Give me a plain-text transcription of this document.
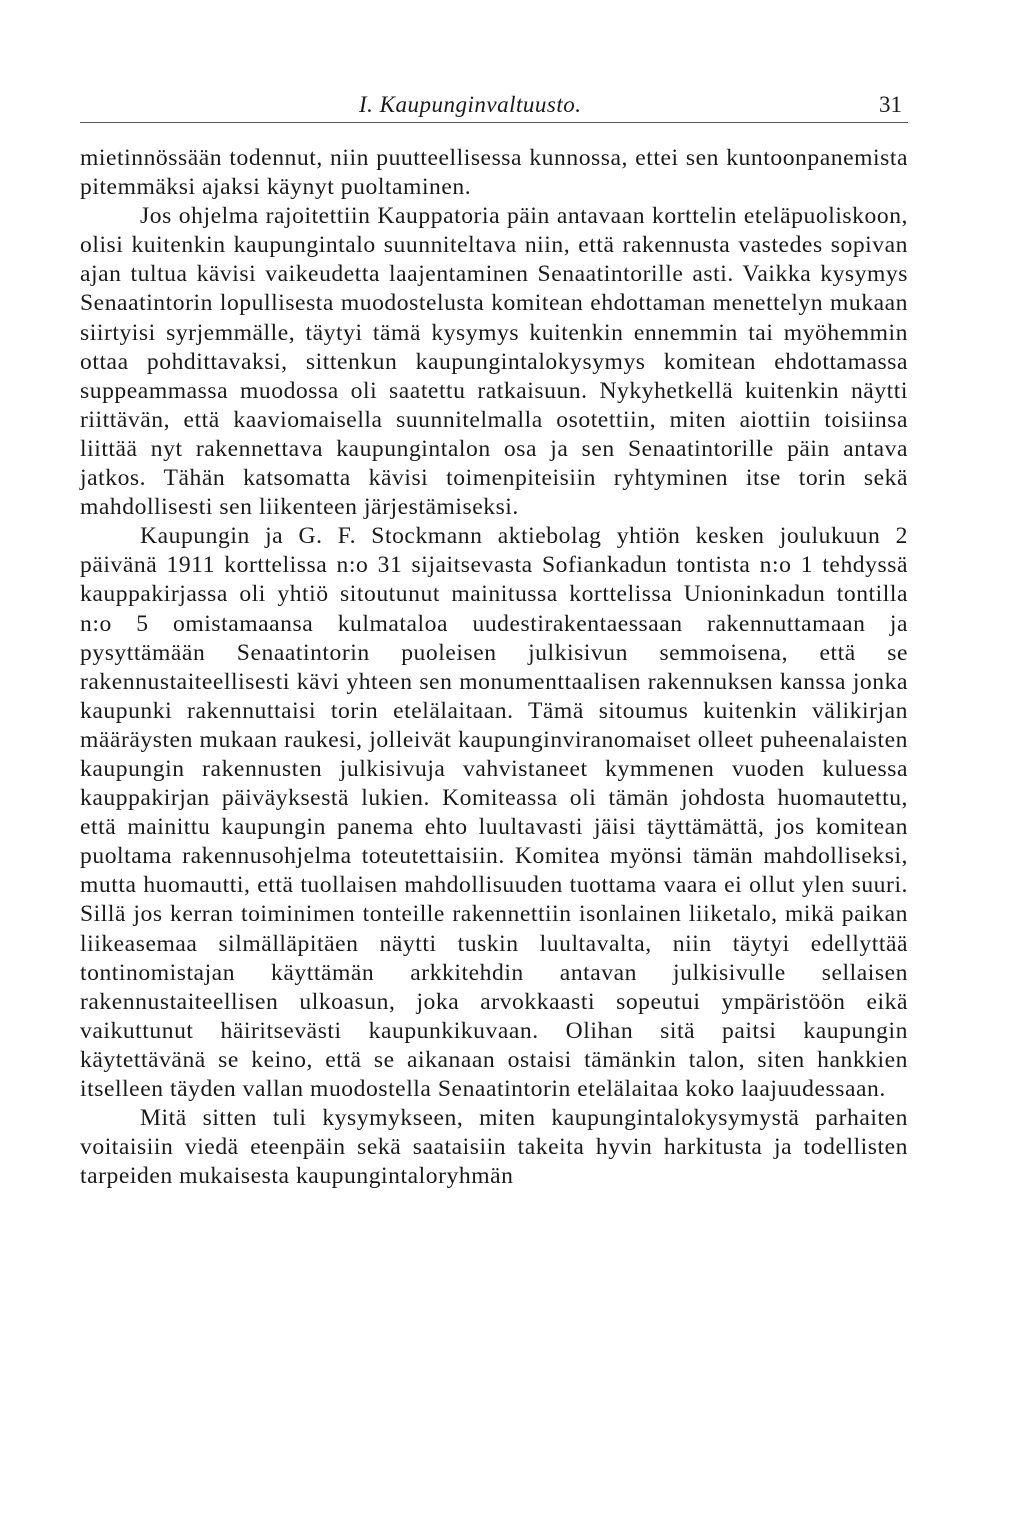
I. Kaupunginvaltuusto.	31

mietinnössään todennut, niin puutteellisessa kunnossa, ettei sen kuntoonpanemista pitemmäksi ajaksi käynyt puoltaminen.

Jos ohjelma rajoitettiin Kauppatoria päin antavaan korttelin eteläpuoliskoon, olisi kuitenkin kaupungintalo suunniteltava niin, että rakennusta vastedes sopivan ajan tultua kävisi vaikeudetta laajentaminen Senaatintorille asti. Vaikka kysymys Senaatintorin lopullisesta muodostelusta komitean ehdottaman menettelyn mukaan siirtyisi syrjemmälle, täytyi tämä kysymys kuitenkin ennemmin tai myöhemmin ottaa pohdittavaksi, sittenkun kaupungintalokysymys komitean ehdottamassa suppeammassa muodossa oli saatettu ratkaisuun. Nykyhetkellä kuitenkin näytti riittävän, että kaaviomaisella suunnitelmalla osotettiin, miten aiottiin toisiinsa liittää nyt rakennettava kaupungintalon osa ja sen Senaatintorille päin antava jatkos. Tähän katsomatta kävisi toimenpiteisiin ryhtyminen itse torin sekä mahdollisesti sen liikenteen järjestämiseksi.

Kaupungin ja G. F. Stockmann aktiebolag yhtiön kesken joulukuun 2 päivänä 1911 korttelissa n:o 31 sijaitsevasta Sofiankadun tontista n:o 1 tehdyssä kauppakirjassa oli yhtiö sitoutunut mainitussa korttelissa Unioninkadun tontilla n:o 5 omistamaansa kulmataloa uudestirakentaessaan rakennuttamaan ja pysyttämään Senaatintorin puoleisen julkisivun semmoisena, että se rakennustaiteellisesti kävi yhteen sen monumenttaalisen rakennuksen kanssa jonka kaupunki rakennuttaisi torin etelälaitaan. Tämä sitoumus kuitenkin välikirjan määräysten mukaan raukesi, jolleivät kaupunginviranomaiset olleet puheenalaisten kaupungin rakennusten julkisivuja vahvistaneet kymmenen vuoden kuluessa kauppakirjan päiväyksestä lukien. Komiteassa oli tämän johdosta huomautettu, että mainittu kaupungin panema ehto luultavasti jäisi täyttämättä, jos komitean puoltama rakennusohjelma toteutettaisiin. Komitea myönsi tämän mahdolliseksi, mutta huomautti, että tuollaisen mahdollisuuden tuottama vaara ei ollut ylen suuri. Sillä jos kerran toiminimen tonteille rakennettiin isonlainen liiketalo, mikä paikan liikeasemaa silmälläpitäen näytti tuskin luultavalta, niin täytyi edellyttää tontinomistajan käyttämän arkkitehdin antavan julkisivulle sellaisen rakennustaiteellisen ulkoasun, joka arvokkaasti sopeutui ympäristöön eikä vaikuttunut häiritsevästi kaupunkikuvaan. Olihan sitä paitsi kaupungin käytettävänä se keino, että se aikanaan ostaisi tämänkin talon, siten hankkien itselleen täyden vallan muodostella Senaatintorin etelälaitaa koko laajuudessaan.

Mitä sitten tuli kysymykseen, miten kaupungintalokysymystä parhaiten voitaisiin viedä eteenpäin sekä saataisiin takeita hyvin harkitusta ja todellisten tarpeiden mukaisesta kaupungintaloryhmän
